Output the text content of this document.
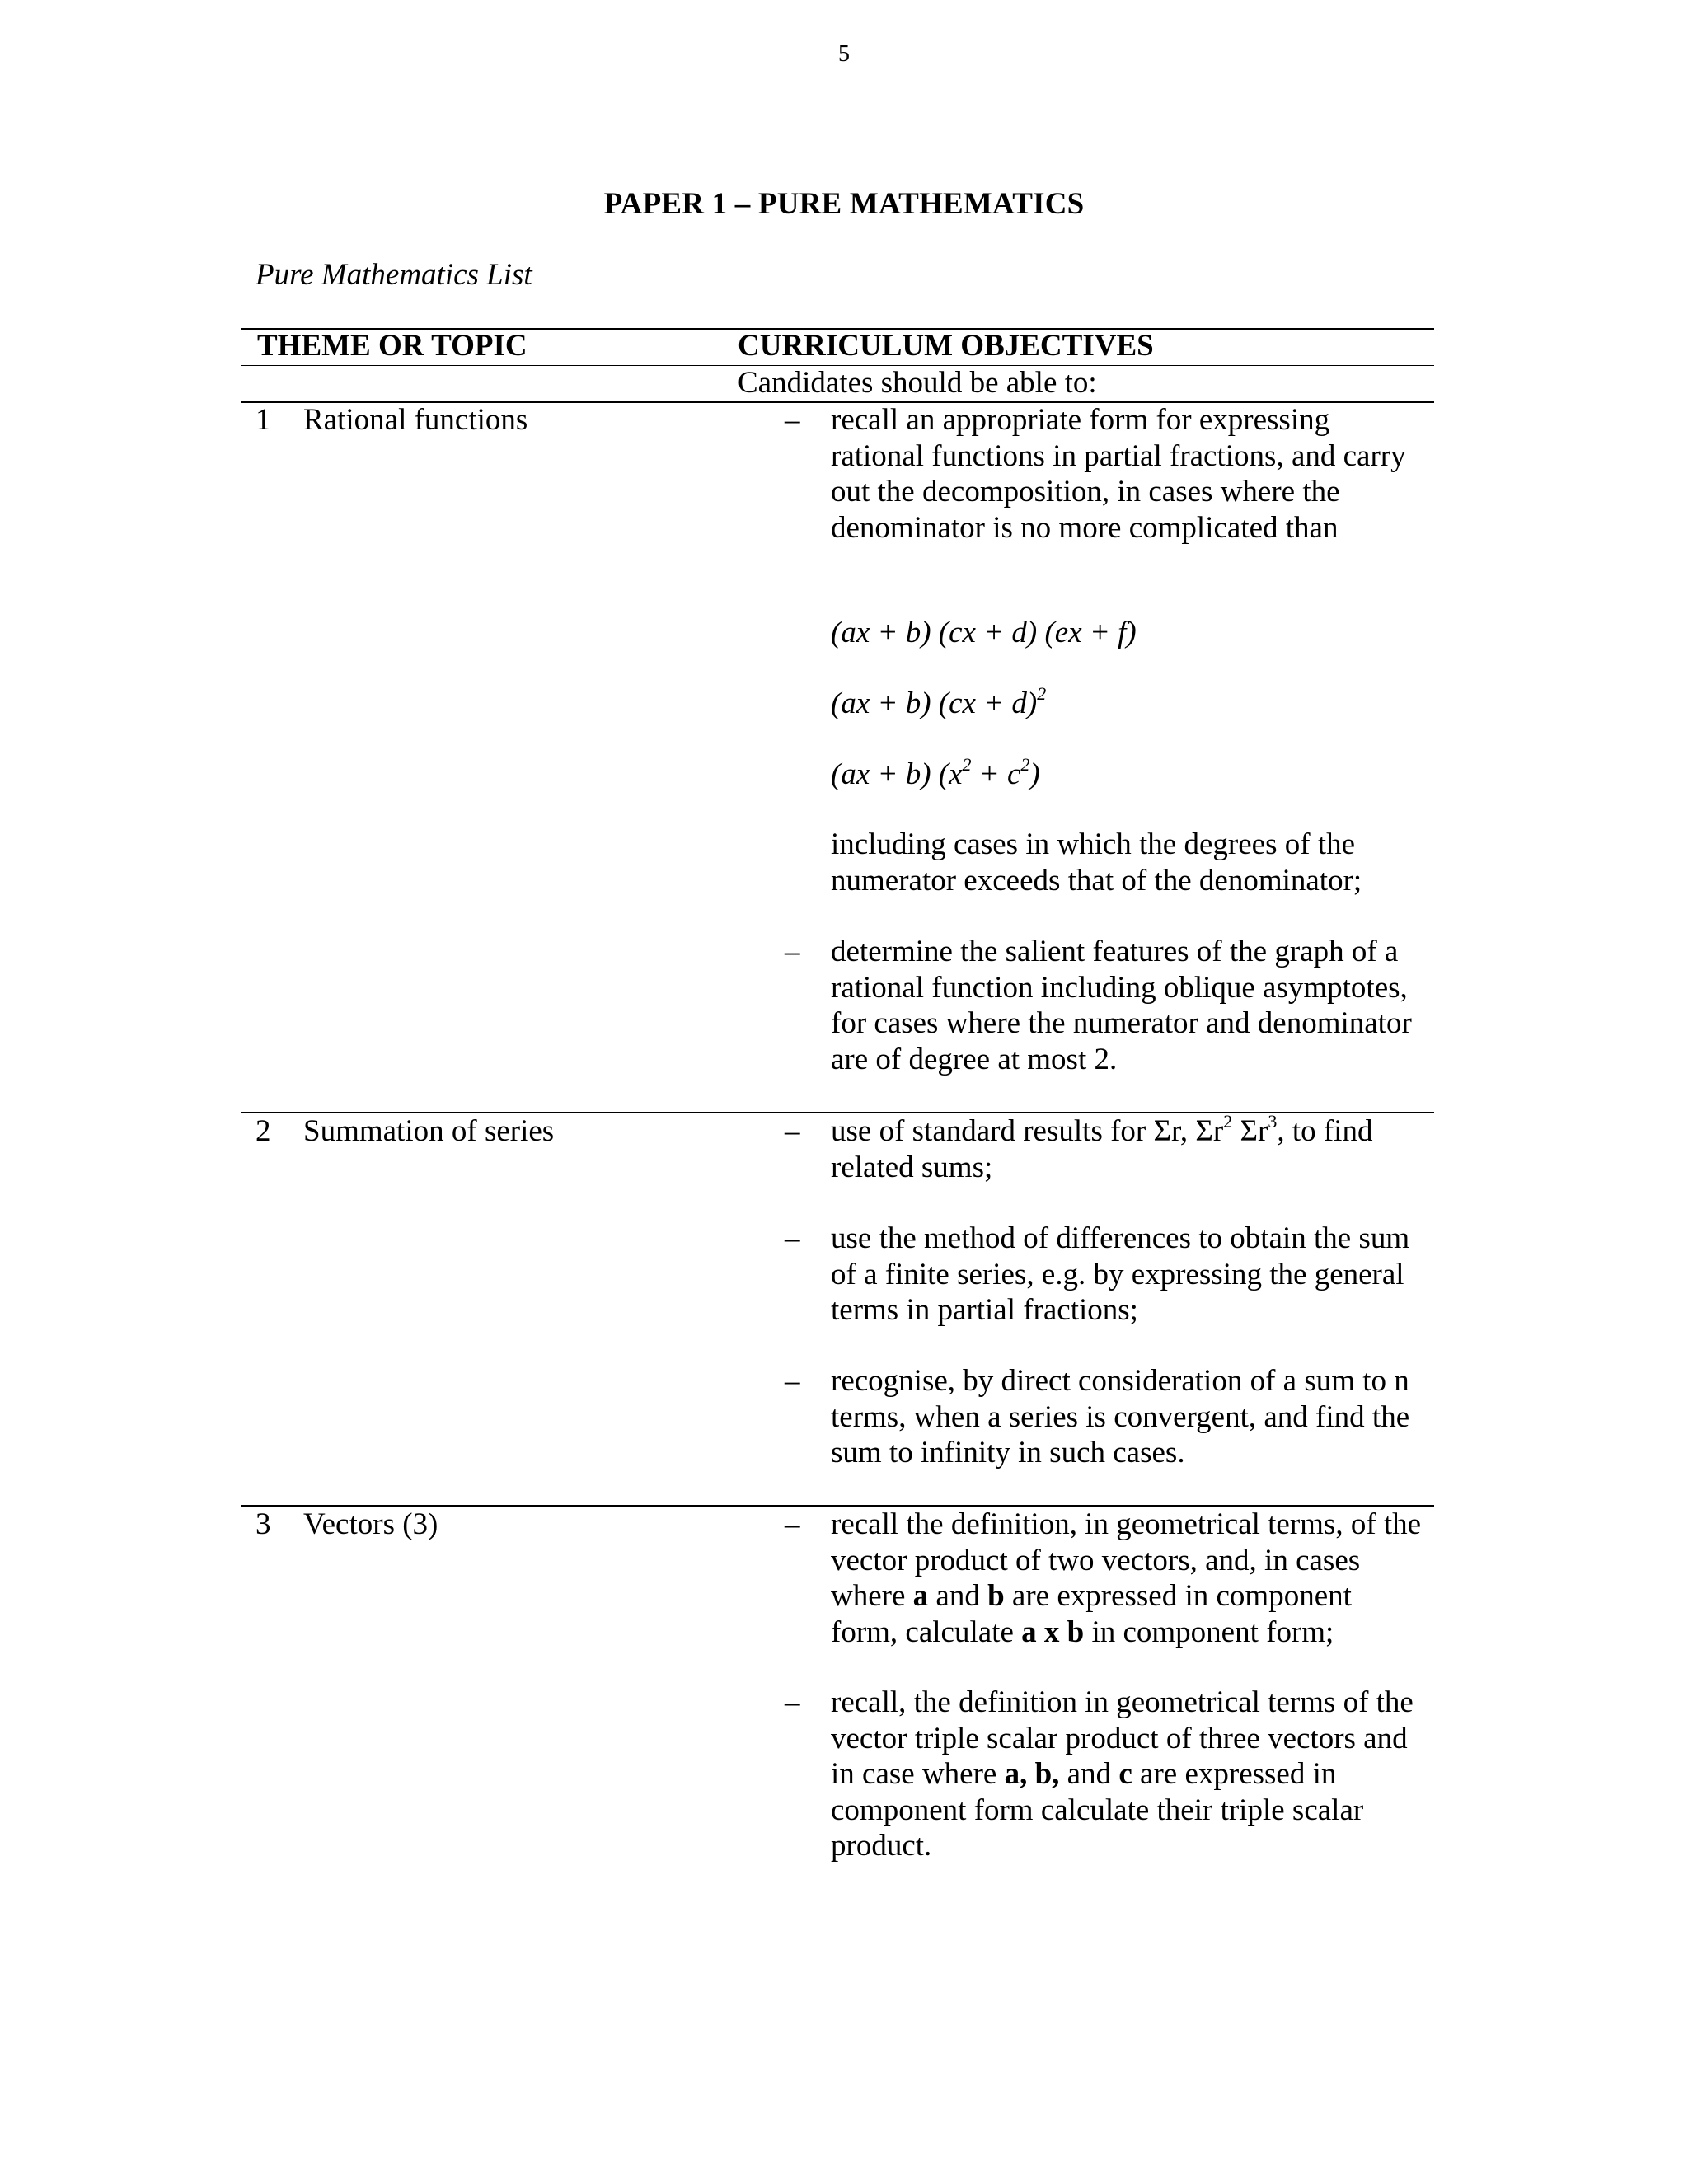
5
PAPER 1 – PURE MATHEMATICS
Pure Mathematics List
THEME OR TOPIC	CURRICULUM OBJECTIVES
Candidates should be able to:
1 Rational functions	– recall an appropriate form for expressing rational functions in partial fractions, and carry out the decomposition, in cases where the denominator is no more complicated than
(ax + b) (cx + d) (ex + f)
(ax + b) (cx + d)$^2$
(ax + b) $(x^2 + c^2)$
including cases in which the degrees of the numerator exceeds that of the denominator;
– determine the salient features of the graph of a rational function including oblique asymptotes, for cases where the numerator and denominator are of degree at most 2.
2 Summation of series	– use of standard results for Σr, $\Sigma r^2$ $\Sigma r^3$, to find related sums;
– use the method of differences to obtain the sum of a finite series, e.g. by expressing the general terms in partial fractions;
– recognise, by direct consideration of a sum to n terms, when a series is convergent, and find the sum to infinity in such cases.
3 Vectors (3)	– recall the definition, in geometrical terms, of the vector product of two vectors, and, in cases where a and b are expressed in component form, calculate a x b in component form;
– recall, the definition in geometrical terms of the vector triple scalar product of three vectors and in case where a, b, and c are expressed in component form calculate their triple scalar product.
